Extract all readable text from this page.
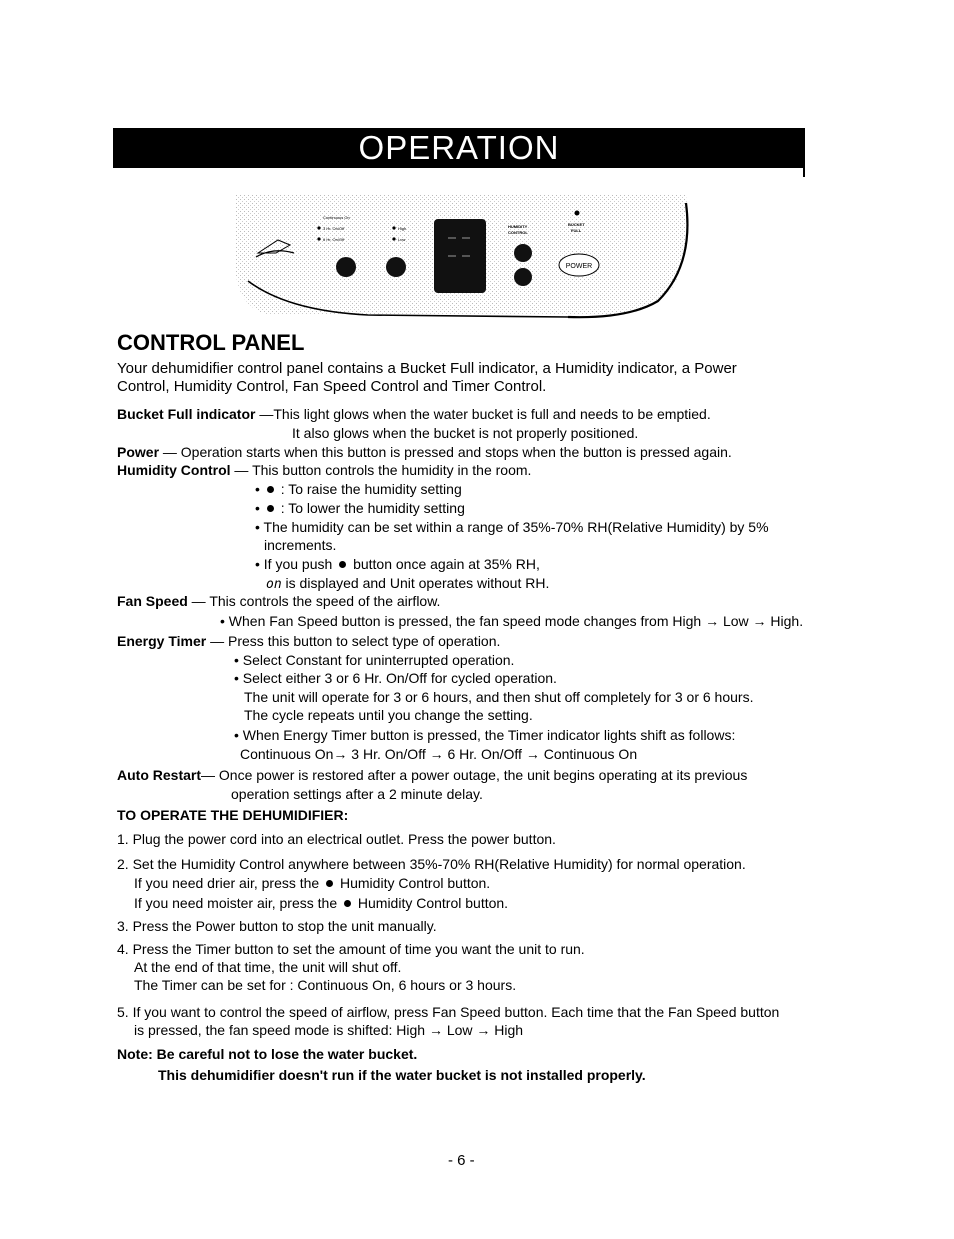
OPERATION
Continuous On
3 Hr. On/Off
6 Hr. On/Off
High
Low
HUMIDITY
CONTROL
BUCKET
FULL
POWER
CONTROL PANEL
Your dehumidifier control panel contains a Bucket Full indicator, a Humidity indicator, a Power
Control, Humidity Control, Fan Speed Control and Timer Control.
Bucket Full indicator —This light glows when the water bucket is full and needs to be emptied.
It also glows when the bucket is not properly positioned.
Power — Operation starts when this button is pressed and stops when the button is pressed again.
Humidity Control — This button controls the humidity in the room.
•  : To raise the humidity setting
•  : To lower the humidity setting
• The humidity can be set within a range of 35%-70% RH(Relative Humidity) by 5%
increments.
• If you push button once again at 35% RH,
on is displayed and Unit operates without RH.
Fan Speed — This controls the speed of the airflow.
• When Fan Speed button is pressed, the fan speed mode changes from High → Low → High.
Energy Timer — Press this button to select type of operation.
• Select Constant for uninterrupted operation.
• Select either 3 or 6 Hr. On/Off for cycled operation.
The unit will operate for 3 or 6 hours, and then shut off completely for 3 or 6 hours.
The cycle repeats until you change the setting.
• When Energy Timer button is pressed, the Timer indicator lights shift as follows:
Continuous On→ 3 Hr. On/Off → 6 Hr. On/Off → Continuous On
Auto Restart— Once power is restored after a power outage, the unit begins operating at its previous
operation settings after a 2 minute delay.
TO OPERATE THE DEHUMIDIFIER:
1. Plug the power cord into an electrical outlet. Press the power button.
2. Set the Humidity Control anywhere between 35%-70% RH(Relative Humidity) for normal operation.
If you need drier air, press the Humidity Control button.
If you need moister air, press the Humidity Control button.
3. Press the Power button to stop the unit manually.
4. Press the Timer button to set the amount of time you want the unit to run.
At the end of that time, the unit will shut off.
The Timer can be set for : Continuous On, 6 hours or 3 hours.
5. If you want to control the speed of airflow, press Fan Speed button. Each time that the Fan Speed button
is pressed, the fan speed mode is shifted: High → Low → High
Note: Be careful not to lose the water bucket.
This dehumidifier doesn't run if the water bucket is not installed properly.
- 6 -
